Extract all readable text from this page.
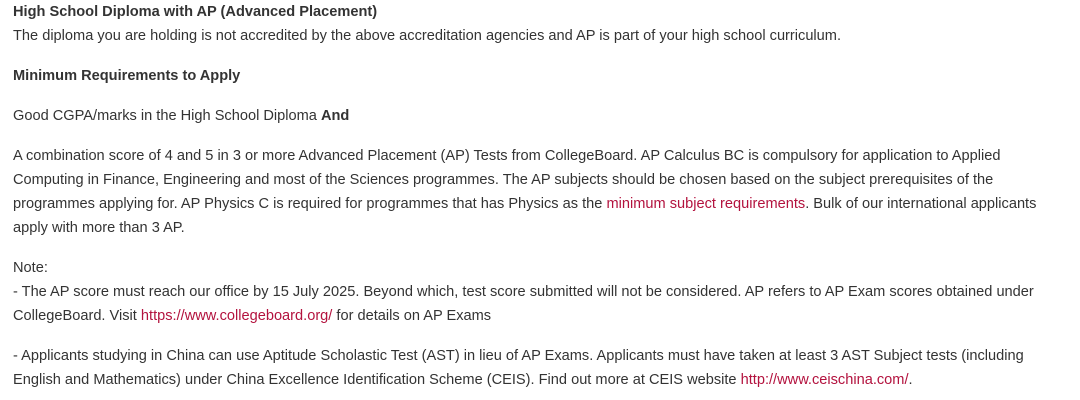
High School Diploma with AP (Advanced Placement)

The diploma you are holding is not accredited by the above accreditation agencies and AP is part of your high school curriculum.

Minimum Requirements to Apply

Good CGPA/marks in the High School Diploma And

A combination score of 4 and 5 in 3 or more Advanced Placement (AP) Tests from CollegeBoard. AP Calculus BC is compulsory for application to Applied Computing in Finance, Engineering and most of the Sciences programmes. The AP subjects should be chosen based on the subject prerequisites of the programmes applying for. AP Physics C is required for programmes that has Physics as the minimum subject requirements. Bulk of our international applicants apply with more than 3 AP.

Note:
- The AP score must reach our office by 15 July 2025. Beyond which, test score submitted will not be considered. AP refers to AP Exam scores obtained under CollegeBoard. Visit https://www.collegeboard.org/ for details on AP Exams

- Applicants studying in China can use Aptitude Scholastic Test (AST) in lieu of AP Exams. Applicants must have taken at least 3 AST Subject tests (including English and Mathematics) under China Excellence Identification Scheme (CEIS). Find out more at CEIS website http://www.ceischina.com/.
